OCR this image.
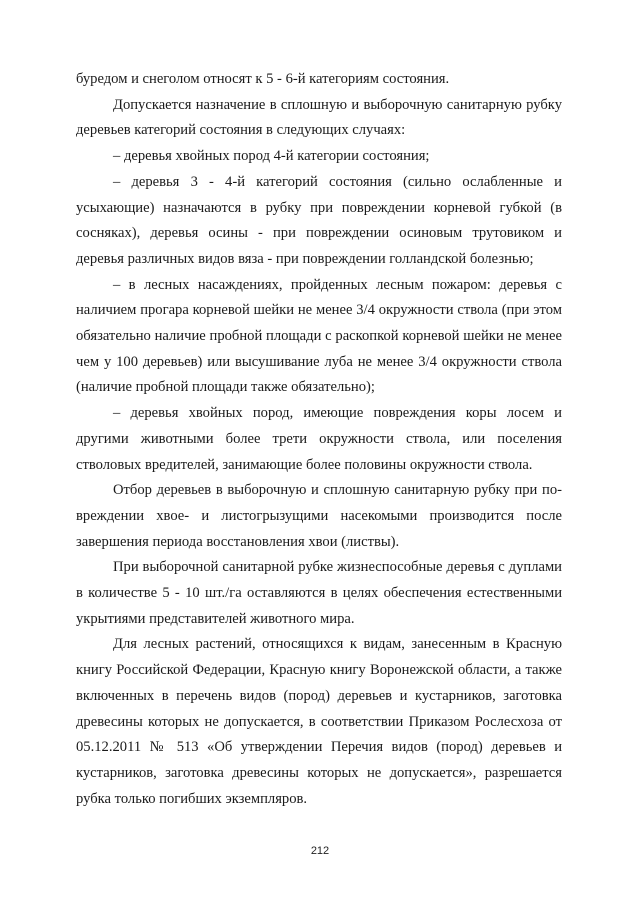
буредом и снеголом относят к 5 - 6-й категориям состояния.

Допускается назначение в сплошную и выборочную санитарную рубку деревьев категорий состояния в следующих случаях:

– деревья хвойных пород 4-й категории состояния;

– деревья 3 - 4-й категорий состояния (сильно ослабленные и усыхающие) назначаются в рубку при повреждении корневой губкой (в сосняках), деревья осины - при повреждении осиновым трутовиком и деревья различных видов вяза - при повреждении голландской болезнью;

– в лесных насаждениях, пройденных лесным пожаром: деревья с наличием прогара корневой шейки не менее 3/4 окружности ствола (при этом обязательно наличие пробной площади с раскопкой корневой шейки не менее чем у 100 деревьев) или высушивание луба не менее 3/4 окружности ствола (наличие пробной площади также обязательно);

– деревья хвойных пород, имеющие повреждения коры лосем и другими животными более трети окружности ствола, или поселения стволовых вредителей, занимающие более половины окружности ствола.

Отбор деревьев в выборочную и сплошную санитарную рубку при повреждении хвое- и листогрызущими насекомыми производится после завершения периода восстановления хвои (листвы).

При выборочной санитарной рубке жизнеспособные деревья с дуплами в количестве 5 - 10 шт./га оставляются в целях обеспечения естественными укрытиями представителей животного мира.

Для лесных растений, относящихся к видам, занесенным в Красную книгу Российской Федерации, Красную книгу Воронежской области, а также включенных в перечень видов (пород) деревьев и кустарников, заготовка древесины которых не допускается, в соответствии Приказом Рослесхоза от 05.12.2011 № 513 «Об утверждении Перечия видов (пород) деревьев и кустарников, заготовка древесины которых не допускается», разрешается рубка только погибших экземпляров.

212
